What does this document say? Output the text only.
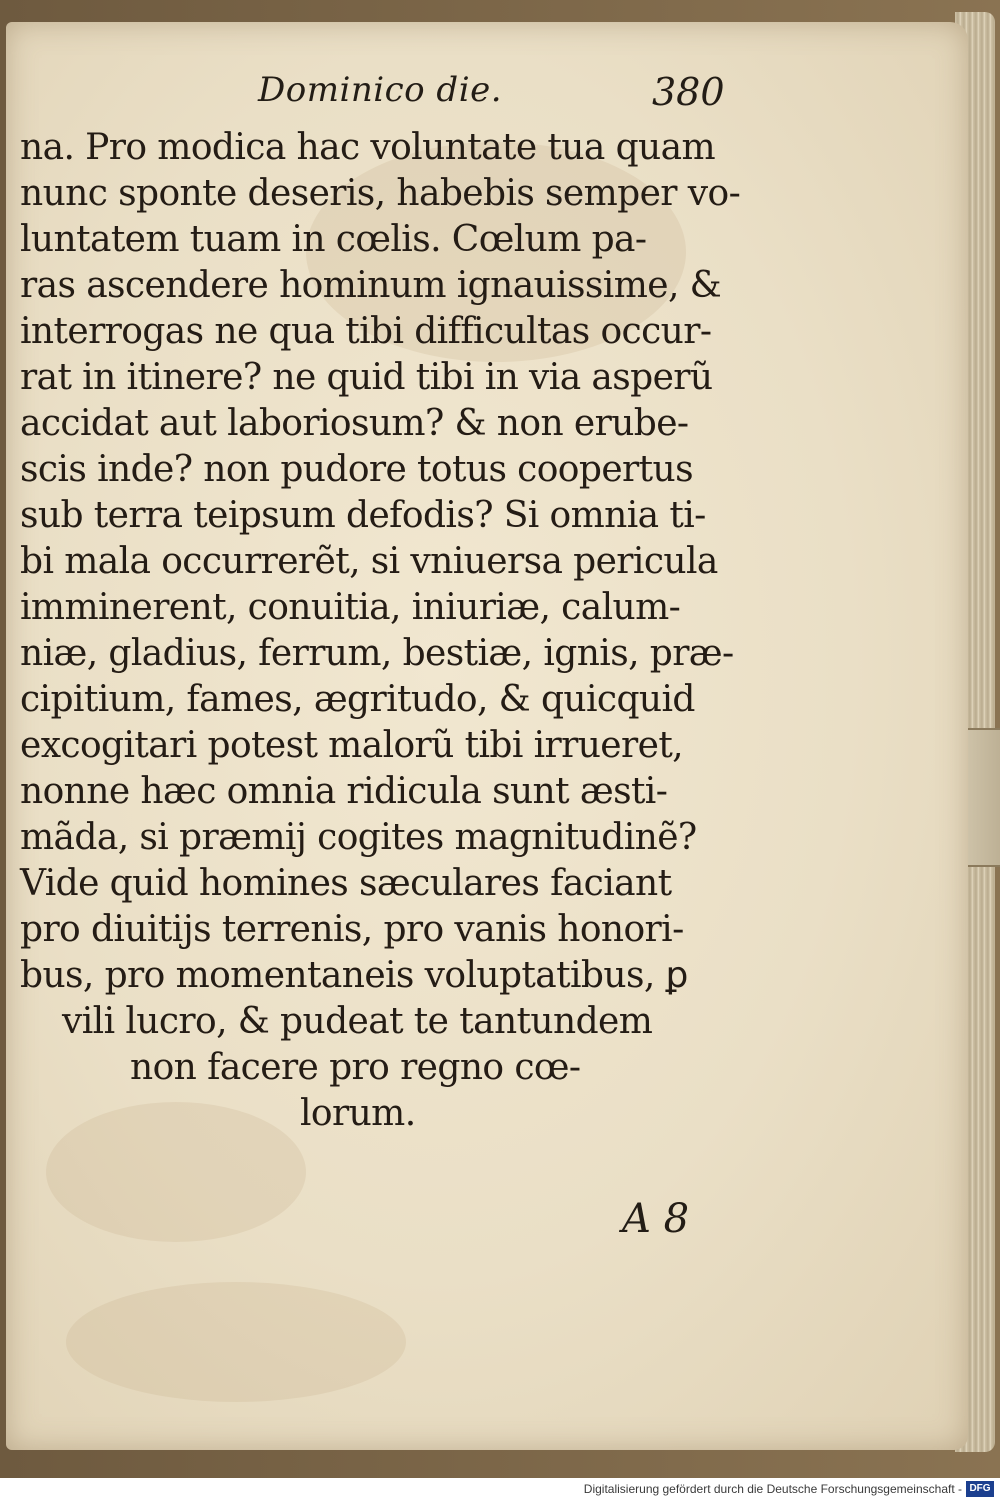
Dominico die.	380
na. Pro modica hac voluntate tua quam
nunc sponte deseris, habebis semper vo-
luntatem tuam in cœlis. Cœlum pa-
ras ascendere hominum ignauissime, &
interrogas ne qua tibi difficultas occur-
rat in itinere? ne quid tibi in via asperũ
accidat aut laboriosum? & non erube-
scis inde? non pudore totus coopertus
sub terra teipsum defodis? Si omnia ti-
bi mala occurrerẽt, si vniuersa pericula
imminerent, conuitia, iniuriæ, calum-
niæ, gladius, ferrum, bestiæ, ignis, præ-
cipitium, fames, ægritudo, & quicquid
excogitari potest malorũ tibi irrueret,
nonne hæc omnia ridicula sunt æsti-
mãda, si præmij cogites magnitudinẽ?
Vide quid homines sæculares faciant
pro diuitijs terrenis, pro vanis honori-
bus, pro momentaneis voluptatibus, ꝑ
vili lucro, & pudeat te tantundem
non facere pro regno cœ-
lorum.
A 8
Digitalisierung gefördert durch die Deutsche Forschungsgemeinschaft - DFG
